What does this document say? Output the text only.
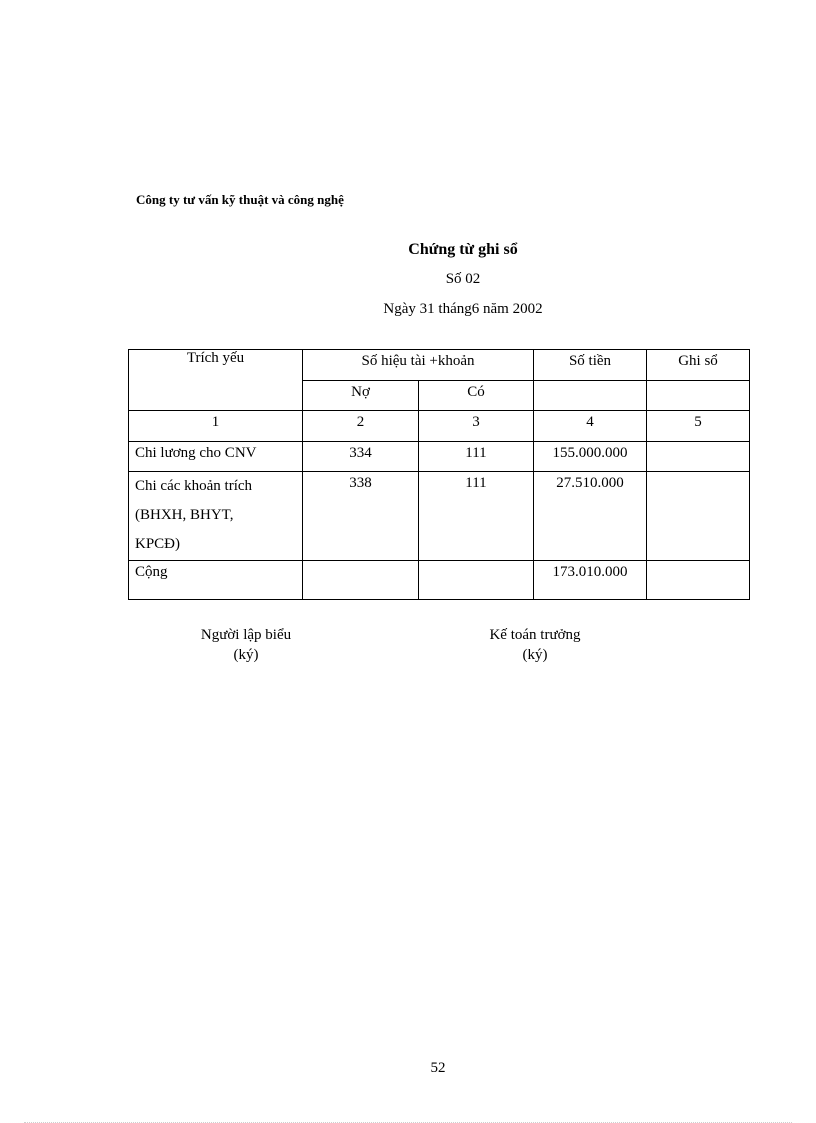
Công ty tư vấn kỹ thuật và công nghệ
Chứng từ ghi sổ
Số 02
Ngày 31 tháng6 năm 2002
Trích yếu	Số hiệu tài +khoản		Số tiền	Ghi sổ

	Nợ	Có		

1	2	3	4	5

Chi lương cho CNV	334	111	155.000.000	

Chi các khoản trích
(BHXH, BHYT,
KPCĐ)	338	111	27.510.000	

Cộng			173.010.000	

Người lập biểu
(ký)
Kế toán trưởng
(ký)
52
